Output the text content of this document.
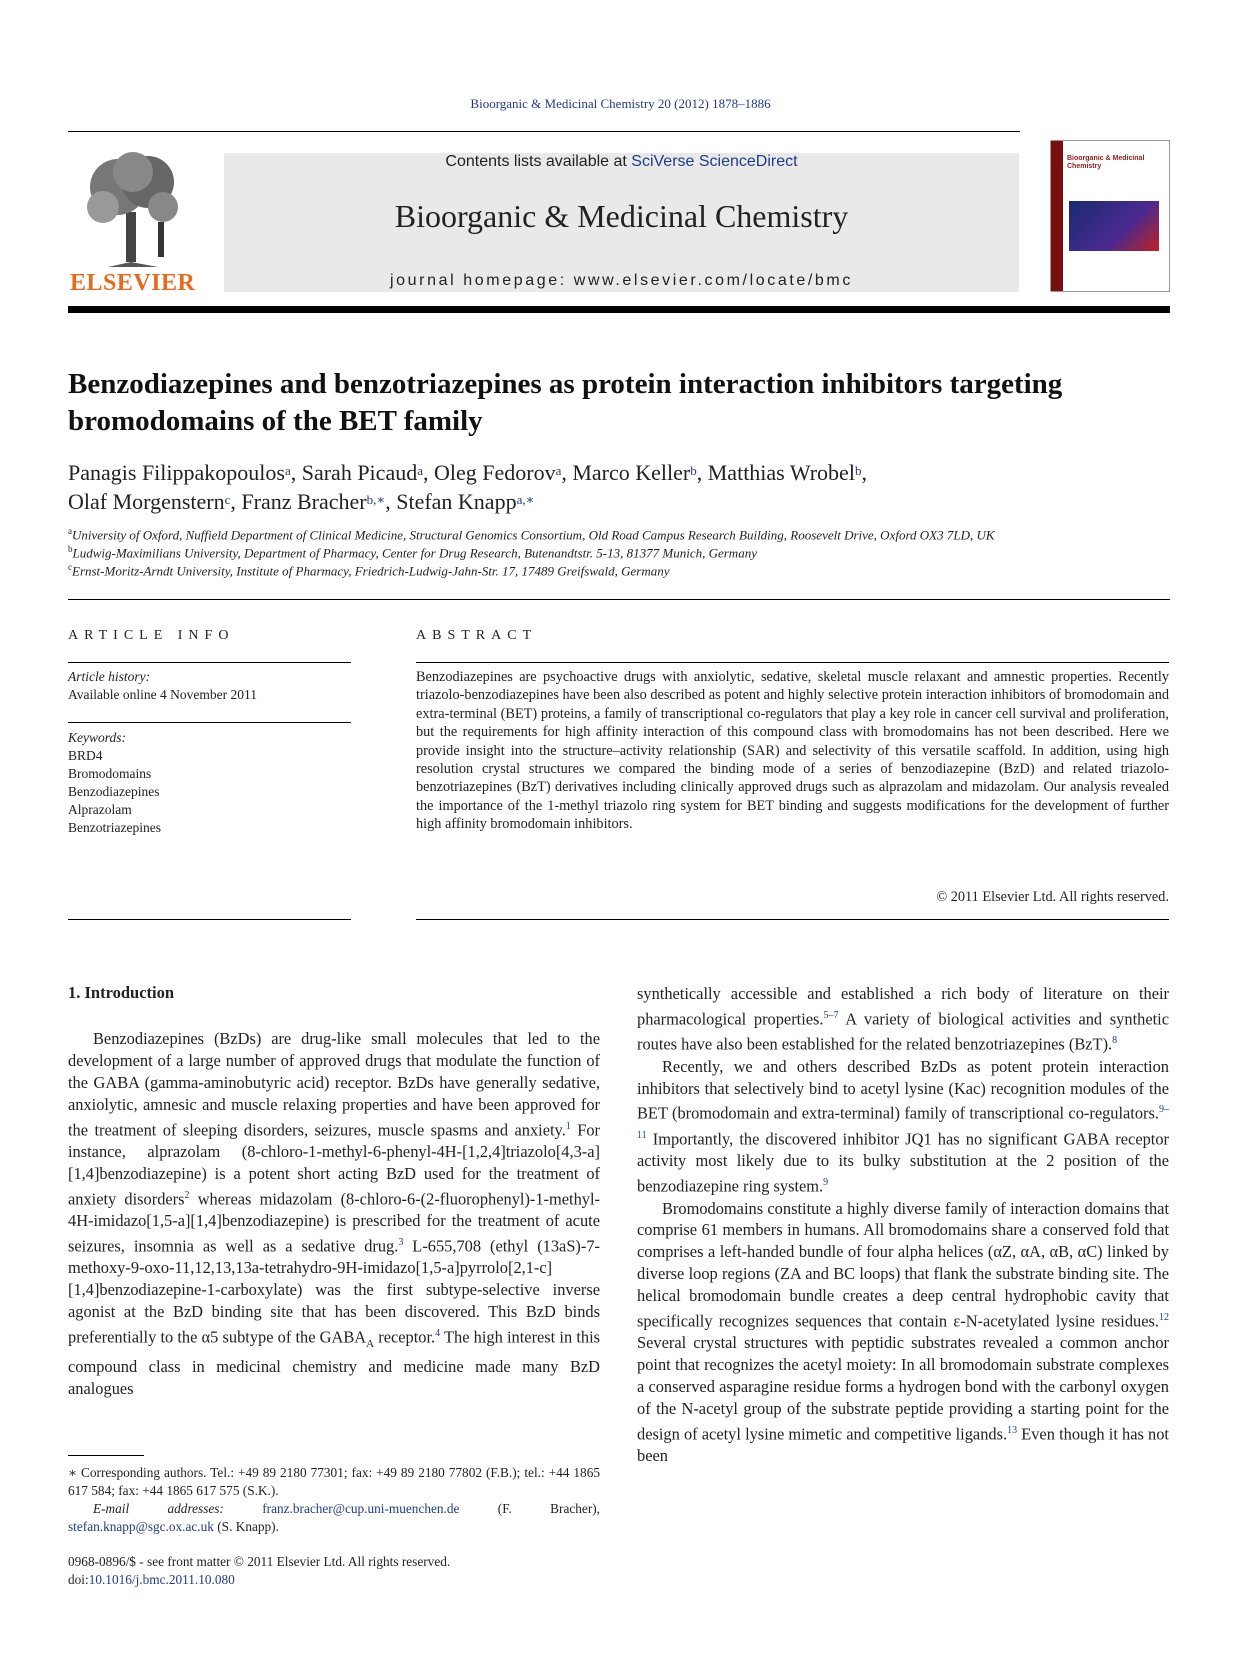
Bioorganic & Medicinal Chemistry 20 (2012) 1878–1886
ELSEVIER
Contents lists available at SciVerse ScienceDirect
Bioorganic & Medicinal Chemistry
journal homepage: www.elsevier.com/locate/bmc
Bioorganic & Medicinal Chemistry
Benzodiazepines and benzotriazepines as protein interaction inhibitors targeting bromodomains of the BET family
Panagis Filippakopoulos$^a$, Sarah Picaud$^a$, Oleg Fedorov$^a$, Marco Keller$^b$, Matthias Wrobel$^b$,
Olaf Morgenstern$^c$, Franz Bracher$^{b,∗}$, Stefan Knapp$^{a,∗}$
$^a$University of Oxford, Nuffield Department of Clinical Medicine, Structural Genomics Consortium, Old Road Campus Research Building, Roosevelt Drive, Oxford OX3 7LD, UK
$^b$Ludwig-Maximilians University, Department of Pharmacy, Center for Drug Research, Butenandtstr. 5-13, 81377 Munich, Germany
$^c$Ernst-Moritz-Arndt University, Institute of Pharmacy, Friedrich-Ludwig-Jahn-Str. 17, 17489 Greifswald, Germany
ARTICLE INFO	ABSTRACT
Article history:
Available online 4 November 2011
Keywords:
BRD4
Bromodomains
Benzodiazepines
Alprazolam
Benzotriazepines
Benzodiazepines are psychoactive drugs with anxiolytic, sedative, skeletal muscle relaxant and amnestic properties. Recently triazolo-benzodiazepines have been also described as potent and highly selective protein interaction inhibitors of bromodomain and extra-terminal (BET) proteins, a family of transcriptional co-regulators that play a key role in cancer cell survival and proliferation, but the requirements for high affinity interaction of this compound class with bromodomains has not been described. Here we provide insight into the structure–activity relationship (SAR) and selectivity of this versatile scaffold. In addition, using high resolution crystal structures we compared the binding mode of a series of benzodiazepine (BzD) and related triazolo-benzotriazepines (BzT) derivatives including clinically approved drugs such as alprazolam and midazolam. Our analysis revealed the importance of the 1-methyl triazolo ring system for BET binding and suggests modifications for the development of further high affinity bromodomain inhibitors.
© 2011 Elsevier Ltd. All rights reserved.
1. Introduction

Benzodiazepines (BzDs) are drug-like small molecules that led to the development of a large number of approved drugs that modulate the function of the GABA (gamma-aminobutyric acid) receptor. BzDs have generally sedative, anxiolytic, amnesic and muscle relaxing properties and have been approved for the treatment of sleeping disorders, seizures, muscle spasms and anxiety.$^1$ For instance, alprazolam (8-chloro-1-methyl-6-phenyl-4H-[1,2,4]triazolo[4,3-a][1,4]benzodiazepine) is a potent short acting BzD used for the treatment of anxiety disorders$^2$ whereas midazolam (8-chloro-6-(2-fluorophenyl)-1-methyl-4H-imidazo[1,5-a][1,4]benzodiazepine) is prescribed for the treatment of acute seizures, insomnia as well as a sedative drug.$^3$ L-655,708 (ethyl (13aS)-7-methoxy-9-oxo-11,12,13,13a-tetrahydro-9H-imidazo[1,5-a]pyrrolo[2,1-c][1,4]benzodiazepine-1-carboxylate) was the first subtype-selective inverse agonist at the BzD binding site that has been discovered. This BzD binds preferentially to the α5 subtype of the $GABA_A$ receptor.$^4$ The high interest in this compound class in medicinal chemistry and medicine made many BzD analogues

synthetically accessible and established a rich body of literature on their pharmacological properties.$^{5-7}$ A variety of biological activities and synthetic routes have also been established for the related benzotriazepines (BzT).$^8$

Recently, we and others described BzDs as potent protein interaction inhibitors that selectively bind to acetyl lysine (Kac) recognition modules of the BET (bromodomain and extra-terminal) family of transcriptional co-regulators.$^{9-11}$ Importantly, the discovered inhibitor JQ1 has no significant GABA receptor activity most likely due to its bulky substitution at the 2 position of the benzodiazepine ring system.$^9$

Bromodomains constitute a highly diverse family of interaction domains that comprise 61 members in humans. All bromodomains share a conserved fold that comprises a left-handed bundle of four alpha helices (αZ, αA, αB, αC) linked by diverse loop regions (ZA and BC loops) that flank the substrate binding site. The helical bromodomain bundle creates a deep central hydrophobic cavity that specifically recognizes sequences that contain ε-N-acetylated lysine residues.$^{12}$ Several crystal structures with peptidic substrates revealed a common anchor point that recognizes the acetyl moiety: In all bromodomain substrate complexes a conserved asparagine residue forms a hydrogen bond with the carbonyl oxygen of the N-acetyl group of the substrate peptide providing a starting point for the design of acetyl lysine mimetic and competitive ligands.$^{13}$ Even though it has not been

∗ Corresponding authors. Tel.: +49 89 2180 77301; fax: +49 89 2180 77802 (F.B.); tel.: +44 1865 617 584; fax: +44 1865 617 575 (S.K.).
E-mail addresses:	franz.bracher@cup.uni-muenchen.de (F. Bracher), stefan.knapp@sgc.ox.ac.uk (S. Knapp).
0968-0896/$ - see front matter © 2011 Elsevier Ltd. All rights reserved.
doi:10.1016/j.bmc.2011.10.080
